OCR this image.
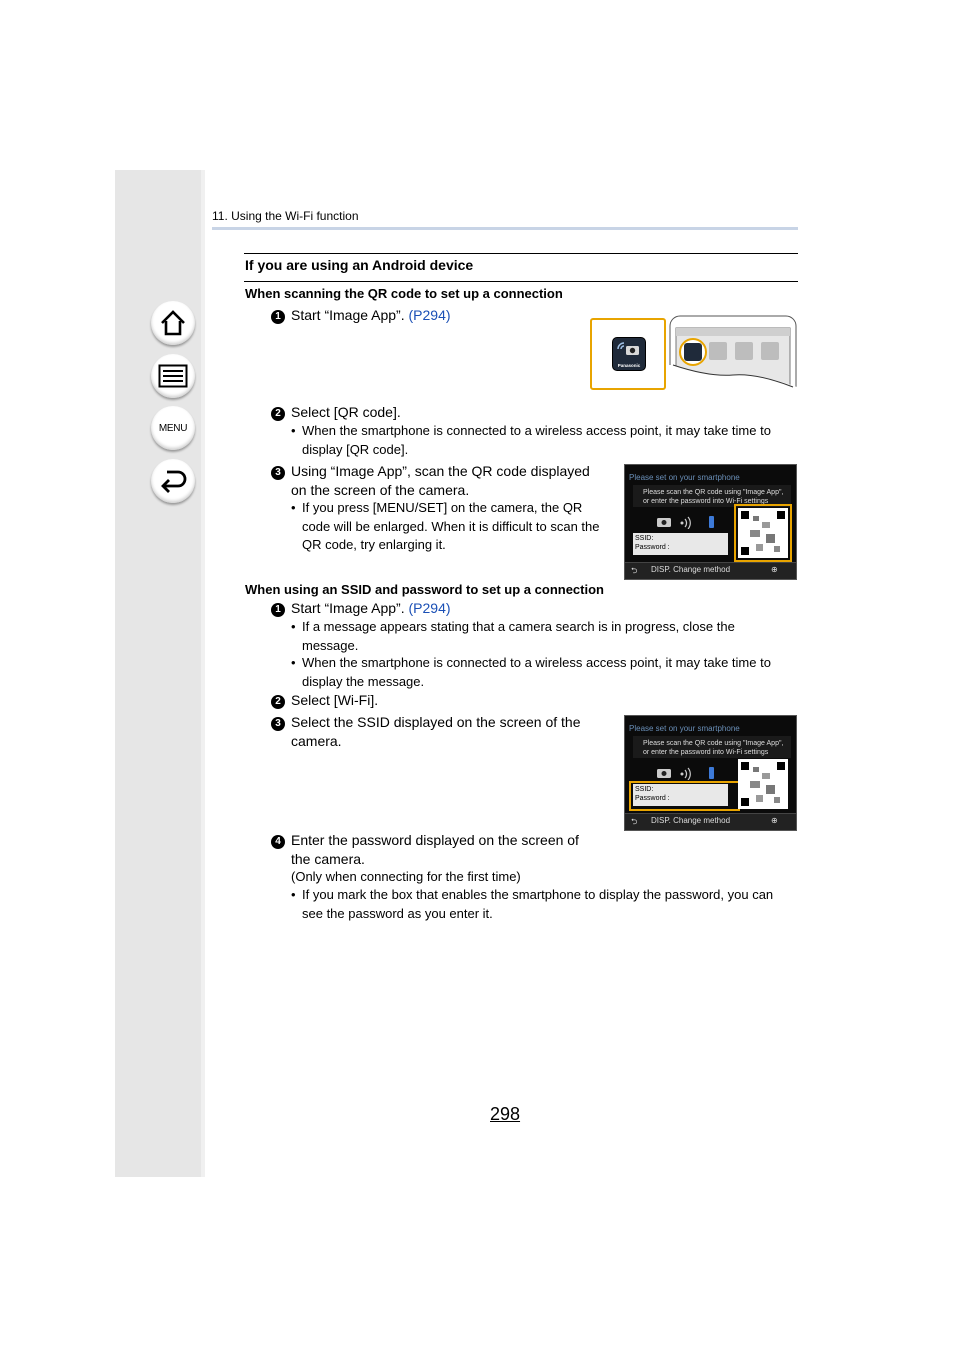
MENU
11. Using the Wi-Fi function
If you are using an Android device
When scanning the QR code to set up a connection
1 Start “Image App”. (P294)
Panasonic
2 Select [QR code].
• When the smartphone is connected to a wireless access point, it may take time to display [QR code].
3 Using “Image App”, scan the QR code displayed
on the screen of the camera.
• If you press [MENU/SET] on the camera, the QR code will be enlarged. When it is difficult to scan the QR code, try enlarging it.
Please set on your smartphone
Please scan the QR code using "Image App",
or enter the password into Wi-Fi settings
SSID:
Password :
⮌ DISP. Change method	⊕
When using an SSID and password to set up a connection
1 Start “Image App”. (P294)
• If a message appears stating that a camera search is in progress, close the message.
• When the smartphone is connected to a wireless access point, it may take time to display the message.
2 Select [Wi-Fi].
3 Select the SSID displayed on the screen of the
camera.
Please set on your smartphone
Please scan the QR code using "Image App",
or enter the password into Wi-Fi settings
SSID:
Password :
⮌ DISP. Change method	⊕
4 Enter the password displayed on the screen of
the camera.
(Only when connecting for the first time)
• If you mark the box that enables the smartphone to display the password, you can see the password as you enter it.
298
